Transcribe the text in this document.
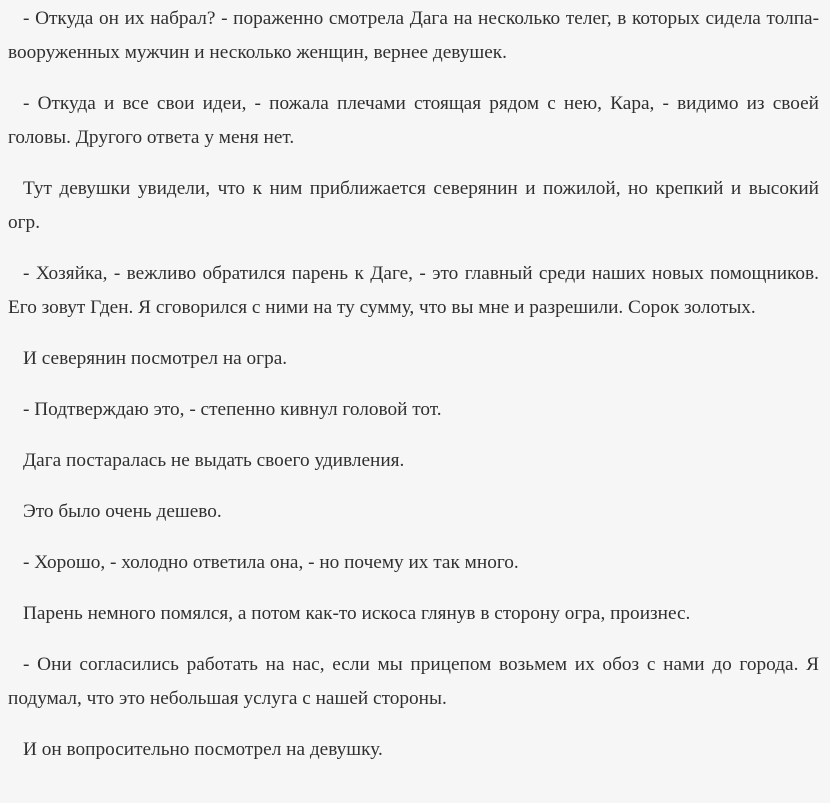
- Откуда он их набрал? - пораженно смотрела Дага на несколько телег, в которых сидела толпа-вооруженных мужчин и несколько женщин, вернее девушек.

- Откуда и все свои идеи, - пожала плечами стоящая рядом с нею, Кара, - видимо из своей головы. Другого ответа у меня нет.

Тут девушки увидели, что к ним приближается северянин и пожилой, но крепкий и высокий огр.

- Хозяйка, - вежливо обратился парень к Даге, - это главный среди наших новых помощников. Его зовут Гден. Я сговорился с ними на ту сумму, что вы мне и разрешили. Сорок золотых.

И северянин посмотрел на огра.

- Подтверждаю это, - степенно кивнул головой тот.

Дага постаралась не выдать своего удивления.

Это было очень дешево.

- Хорошо, - холодно ответила она, - но почему их так много.

Парень немного помялся, а потом как-то искоса глянув в сторону огра, произнес.

- Они согласились работать на нас, если мы прицепом возьмем их обоз с нами до города. Я подумал, что это небольшая услуга с нашей стороны.

И он вопросительно посмотрел на девушку.
